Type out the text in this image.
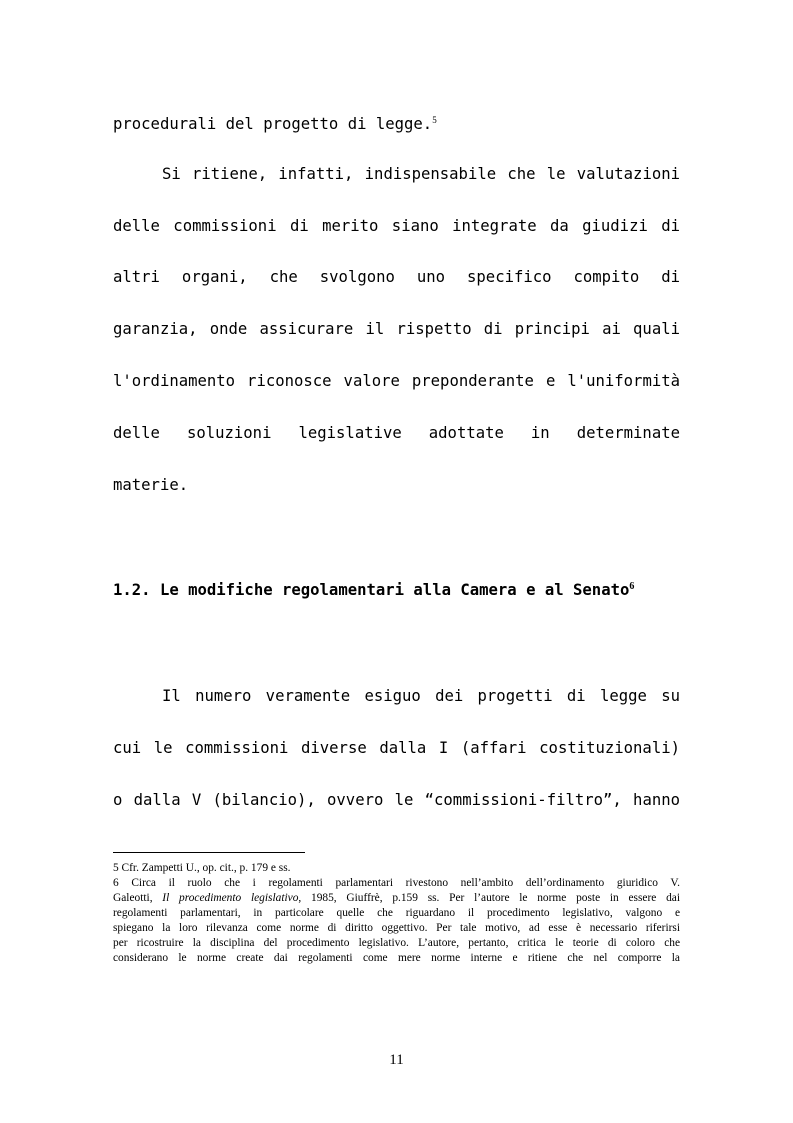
procedurali del progetto di legge.$^5$
Si ritiene, infatti, indispensabile che le valutazioni
delle commissioni di merito siano integrate da giudizi di
altri organi, che svolgono uno specifico compito di
garanzia, onde assicurare il rispetto di principi ai quali
l'ordinamento riconosce valore preponderante e l'uniformità
delle soluzioni legislative adottate in determinate
materie.
1.2. Le modifiche regolamentari alla Camera e al Senato$^6$
Il numero veramente esiguo dei progetti di legge su
cui le commissioni diverse dalla I (affari costituzionali)
o dalla V (bilancio), ovvero le “commissioni-filtro”, hanno
5 Cfr. Zampetti U., op. cit., p. 179 e ss.
6 Circa il ruolo che i regolamenti parlamentari rivestono nell’ambito dell’ordinamento giuridico V.
Galeotti, Il procedimento legislativo, 1985, Giuffrè, p.159 ss. Per l’autore le norme poste in essere dai
regolamenti parlamentari, in particolare quelle che riguardano il procedimento legislativo, valgono e
spiegano la loro rilevanza come norme di diritto oggettivo. Per tale motivo, ad esse è necessario riferirsi
per ricostruire la disciplina del procedimento legislativo. L’autore, pertanto, critica le teorie di coloro che
considerano le norme create dai regolamenti come mere norme interne e ritiene che nel comporre la
11
